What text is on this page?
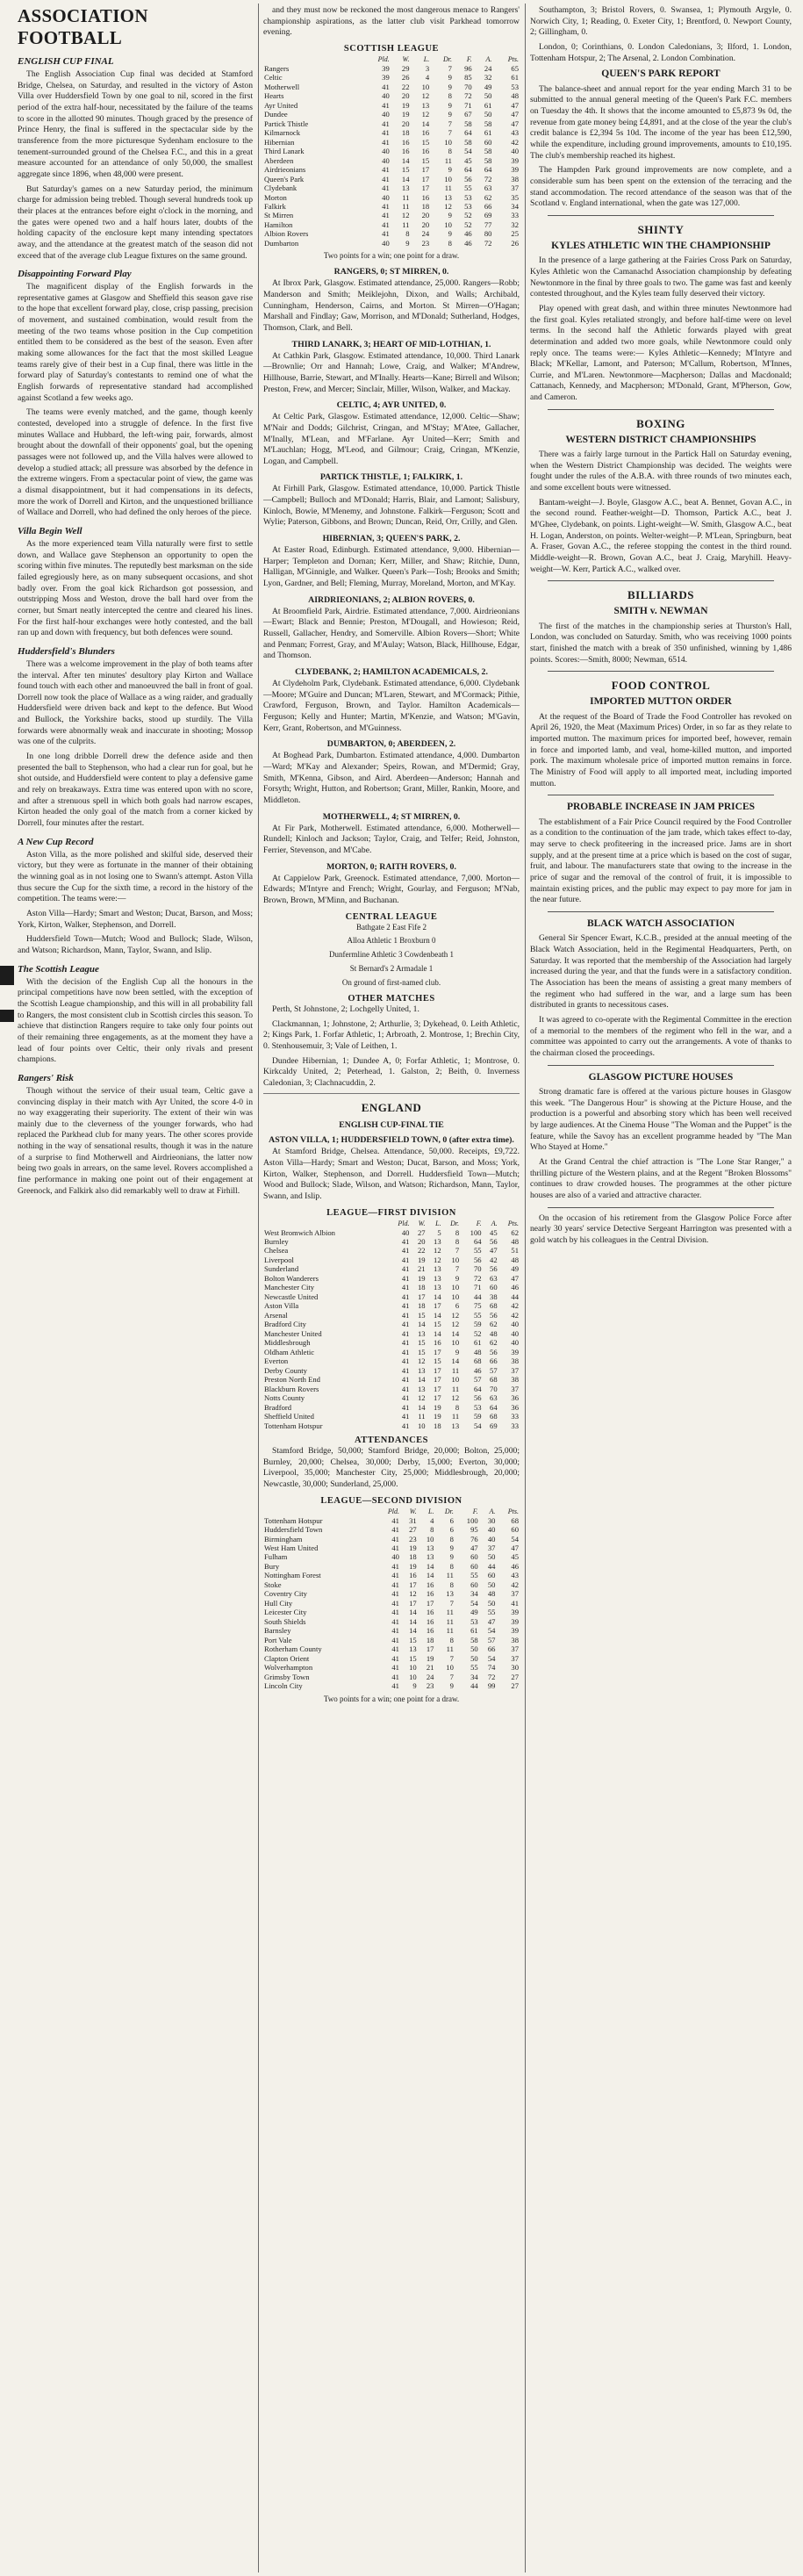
ASSOCIATION FOOTBALL
ENGLISH CUP FINAL

The English Association Cup final was decided at Stamford Bridge, Chelsea, on Saturday, and resulted in the victory of Aston Villa over Huddersfield Town by one goal to nil, scored in the first period of the extra half-hour, necessitated by the failure of the teams to score in the allotted 90 minutes. Though graced by the presence of Prince Henry, the final is suffered in the spectacular side by the transference from the more picturesque Sydenham enclosure to the tenement-surrounded ground of the Chelsea F.C., and this in a great measure accounted for an attendance of only 50,000, the smallest aggregate since 1896, when 48,000 were present.

But Saturday's games on a new Saturday period, the minimum charge for admission being trebled. Though several hundreds took up their places at the entrances before eight o'clock in the morning, and the gates were opened two and a half hours later, doubts of the holding capacity of the enclosure kept many intending spectators away, and the attendance at the greatest match of the season did not exceed that of the average club League fixtures on the same ground.

Disappointing Forward Play

The magnificent display of the English forwards in the representative games at Glasgow and Sheffield this season gave rise to the hope that excellent forward play, close, crisp passing, precision of movement, and sustained combination, would result from the meeting of the two teams whose position in the Cup competition entitled them to be considered as the best of the season. Even after making some allowances for the fact that the most skilled League teams rarely give of their best in a Cup final, there was little in the forward play of Saturday's contestants to remind one of what the English forwards of representative standard had accomplished against Scotland a few weeks ago.

The teams were evenly matched, and the game, though keenly contested, developed into a struggle of defence. In the first five minutes Wallace and Hubbard, the left-wing pair, forwards, almost brought about the downfall of their opponents' goal, but the opening passages were not followed up, and the Villa halves were allowed to develop a studied attack; all pressure was absorbed by the defence in the extreme wingers. From a spectacular point of view, the game was a dismal disappointment, but it had compensations in its defects, more the work of Dorrell and Kirton, and the unquestioned brilliance of Wallace and Dorrell, who had defined the only heroes of the piece.

Villa Begin Well

As the more experienced team Villa naturally were first to settle down, and Wallace gave Stephenson an opportunity to open the scoring within five minutes. The reputedly best marksman on the side failed egregiously here, as on many subsequent occasions, and shot badly over. From the goal kick Richardson got possession, and outstripping Moss and Weston, drove the ball hard over from the corner, but Smart neatly intercepted the centre and cleared his lines. For the first half-hour exchanges were hotly contested, and the ball ran up and down with frequency, but both defences were sound.

Huddersfield's Blunders

There was a welcome improvement in the play of both teams after the interval. After ten minutes' desultory play Kirton and Wallace found touch with each other and manoeuvred the ball in front of goal. Dorrell now took the place of Wallace as a wing raider, and gradually Huddersfield were driven back and kept to the defence. But Wood and Bullock, the Yorkshire backs, stood up sturdily. The Villa forwards were abnormally weak and inaccurate in shooting; Mossop was one of the culprits.

In one long dribble Dorrell drew the defence aside and then presented the ball to Stephenson, who had a clear run for goal, but he shot outside, and Huddersfield were content to play a defensive game and rely on breakaways. Extra time was entered upon with no score, and after a strenuous spell in which both goals had narrow escapes, Kirton headed the only goal of the match from a corner kicked by Dorrell, four minutes after the restart.

A New Cup Record

Aston Villa, as the more polished and skilful side, deserved their victory, but they were as fortunate in the manner of their obtaining the winning goal as in not losing one to Swann's attempt. Aston Villa thus secure the Cup for the sixth time, a record in the history of the competition. The teams were:—

Aston Villa—Hardy; Smart and Weston; Ducat, Barson, and Moss; York, Kirton, Walker, Stephenson, and Dorrell.

Huddersfield Town—Mutch; Wood and Bullock; Slade, Wilson, and Watson; Richardson, Mann, Taylor, Swann, and Islip.

The Scottish League

With the decision of the English Cup all the honours in the principal competitions have now been settled, with the exception of the Scottish League championship, and this will in all probability fall to Rangers, the most consistent club in Scottish circles this season. To achieve that distinction Rangers require to take only four points out of their remaining three engagements, as at the moment they have a lead of four points over Celtic, their only rivals and present champions.

Rangers' Risk

Though without the service of their usual team, Celtic gave a convincing display in their match with Ayr United, the score 4-0 in no way exaggerating their superiority. The extent of their win was mainly due to the cleverness of the younger forwards, who had replaced the Parkhead club for many years. The other scores provide nothing in the way of sensational results, though it was in the nature of a surprise to find Motherwell and Airdrieonians, the latter now being two goals in arrears, on the same level. Rovers accomplished a fine performance in making one point out of their engagement at Greenock, and Falkirk also did remarkably well to draw at Firhill.

and they must now be reckoned the most dangerous menace to Rangers' championship aspirations, as the latter club visit Parkhead tomorrow evening.

SCOTTISH LEAGUE
	Pld.	W.	L.	Dr.	F.	A.	Pts.
Rangers	39	29	3	7	96	24	65
Celtic	39	26	4	9	85	32	61
Motherwell	41	22	10	9	70	49	53
Hearts	40	20	12	8	72	50	48
Ayr United	41	19	13	9	71	61	47
Dundee	40	19	12	9	67	50	47
Partick Thistle	41	20	14	7	58	58	47
Kilmarnock	41	18	16	7	64	61	43
Hibernian	41	16	15	10	58	60	42
Third Lanark	40	16	16	8	54	58	40
Aberdeen	40	14	15	11	45	58	39
Airdrieonians	41	15	17	9	64	64	39
Queen's Park	41	14	17	10	56	72	38
Clydebank	41	13	17	11	55	63	37
Morton	40	11	16	13	53	62	35
Falkirk	41	11	18	12	53	66	34
St Mirren	41	12	20	9	52	69	33
Hamilton	41	11	20	10	52	77	32
Albion Rovers	41	8	24	9	46	80	25
Dumbarton	40	9	23	8	46	72	26

Two points for a win; one point for a draw.

RANGERS, 0; ST MIRREN, 0.

At Ibrox Park, Glasgow. Estimated attendance, 25,000. Rangers—Robb; Manderson and Smith; Meiklejohn, Dixon, and Walls; Archibald, Cunningham, Henderson, Cairns, and Morton. St Mirren—O'Hagan; Marshall and Findlay; Gaw, Morrison, and M'Donald; Sutherland, Hodges, Thomson, Clark, and Bell.

THIRD LANARK, 3; HEART OF MID-LOTHIAN, 1.

At Cathkin Park, Glasgow. Estimated attendance, 10,000. Third Lanark—Brownlie; Orr and Hannah; Lowe, Craig, and Walker; M'Andrew, Hillhouse, Barrie, Stewart, and M'Inally. Hearts—Kane; Birrell and Wilson; Preston, Frew, and Mercer; Sinclair, Miller, Wilson, Walker, and Mackay.

CELTIC, 4; AYR UNITED, 0.

At Celtic Park, Glasgow. Estimated attendance, 12,000. Celtic—Shaw; M'Nair and Dodds; Gilchrist, Cringan, and M'Stay; M'Atee, Gallacher, M'Inally, M'Lean, and M'Farlane. Ayr United—Kerr; Smith and M'Lauchlan; Hogg, M'Leod, and Gilmour; Craig, Cringan, M'Kenzie, Logan, and Campbell.

PARTICK THISTLE, 1; FALKIRK, 1.

At Firhill Park, Glasgow. Estimated attendance, 10,000. Partick Thistle—Campbell; Bulloch and M'Donald; Harris, Blair, and Lamont; Salisbury, Kinloch, Bowie, M'Menemy, and Johnstone. Falkirk—Ferguson; Scott and Wylie; Paterson, Gibbons, and Brown; Duncan, Reid, Orr, Crilly, and Glen.

HIBERNIAN, 3; QUEEN'S PARK, 2.

At Easter Road, Edinburgh. Estimated attendance, 9,000. Hibernian—Harper; Templeton and Dornan; Kerr, Miller, and Shaw; Ritchie, Dunn, Halligan, M'Ginnigle, and Walker. Queen's Park—Tosh; Brooks and Smith; Lyon, Gardner, and Bell; Fleming, Murray, Moreland, Morton, and M'Kay.

AIRDRIEONIANS, 2; ALBION ROVERS, 0.

At Broomfield Park, Airdrie. Estimated attendance, 7,000. Airdrieonians—Ewart; Black and Bennie; Preston, M'Dougall, and Howieson; Reid, Russell, Gallacher, Hendry, and Somerville. Albion Rovers—Short; White and Penman; Forrest, Gray, and M'Aulay; Watson, Black, Hillhouse, Edgar, and Thomson.

CLYDEBANK, 2; HAMILTON ACADEMICALS, 2.

At Clydeholm Park, Clydebank. Estimated attendance, 6,000. Clydebank—Moore; M'Guire and Duncan; M'Laren, Stewart, and M'Cormack; Pithie, Crawford, Ferguson, Brown, and Taylor. Hamilton Academicals—Ferguson; Kelly and Hunter; Martin, M'Kenzie, and Watson; M'Gavin, Kerr, Grant, Robertson, and M'Guinness.

DUMBARTON, 0; ABERDEEN, 2.

At Boghead Park, Dumbarton. Estimated attendance, 4,000. Dumbarton—Ward; M'Kay and Alexander; Speirs, Rowan, and M'Dermid; Gray, Smith, M'Kenna, Gibson, and Aird. Aberdeen—Anderson; Hannah and Forsyth; Wright, Hutton, and Robertson; Grant, Miller, Rankin, Moore, and Middleton.

MOTHERWELL, 4; ST MIRREN, 0.

At Fir Park, Motherwell. Estimated attendance, 6,000. Motherwell—Rundell; Kinloch and Jackson; Taylor, Craig, and Telfer; Reid, Johnston, Ferrier, Stevenson, and M'Cabe.

MORTON, 0; RAITH ROVERS, 0.

At Cappielow Park, Greenock. Estimated attendance, 7,000. Morton—Edwards; M'Intyre and French; Wright, Gourlay, and Ferguson; M'Nab, Brown, Brown, M'Minn, and Buchanan.

CENTRAL LEAGUE

Bathgate 2 East Fife 2

Alloa Athletic 1 Broxburn 0

Dunfermline Athletic 3 Cowdenbeath 1

St Bernard's 2 Armadale 1

On ground of first-named club.

OTHER MATCHES

Perth, St Johnstone, 2; Lochgelly United, 1.

Clackmannan, 1; Johnstone, 2; Arthurlie, 3; Dykehead, 0. Leith Athletic, 2; Kings Park, 1. Forfar Athletic, 1; Arbroath, 2. Montrose, 1; Brechin City, 0. Stenhousemuir, 3; Vale of Leithen, 1.

Dundee Hibernian, 1; Dundee A, 0; Forfar Athletic, 1; Montrose, 0. Kirkcaldy United, 2; Peterhead, 1. Galston, 2; Beith, 0. Inverness Caledonian, 3; Clachnacuddin, 2.

ENGLAND
ENGLISH CUP-FINAL TIE
ASTON VILLA, 1; HUDDERSFIELD TOWN, 0 (after extra time).

At Stamford Bridge, Chelsea. Attendance, 50,000. Receipts, £9,722. Aston Villa—Hardy; Smart and Weston; Ducat, Barson, and Moss; York, Kirton, Walker, Stephenson, and Dorrell. Huddersfield Town—Mutch; Wood and Bullock; Slade, Wilson, and Watson; Richardson, Mann, Taylor, Swann, and Islip.

LEAGUE—FIRST DIVISION
	Pld.	W.	L.	Dr.	F.	A.	Pts.
West Bromwich Albion	40	27	5	8	100	45	62
Burnley	41	20	13	8	64	56	48
Chelsea	41	22	12	7	55	47	51
Liverpool	41	19	12	10	56	42	48
Sunderland	41	21	13	7	70	56	49
Bolton Wanderers	41	19	13	9	72	63	47
Manchester City	41	18	13	10	71	60	46
Newcastle United	41	17	14	10	44	38	44
Aston Villa	41	18	17	6	75	68	42
Arsenal	41	15	14	12	55	56	42
Bradford City	41	14	15	12	59	62	40
Manchester United	41	13	14	14	52	48	40
Middlesbrough	41	15	16	10	61	62	40
Oldham Athletic	41	15	17	9	48	56	39
Everton	41	12	15	14	68	66	38
Derby County	41	13	17	11	46	57	37
Preston North End	41	14	17	10	57	68	38
Blackburn Rovers	41	13	17	11	64	70	37
Notts County	41	12	17	12	56	63	36
Bradford	41	14	19	8	53	64	36
Sheffield United	41	11	19	11	59	68	33
Tottenham Hotspur	41	10	18	13	54	69	33
ATTENDANCES

Stamford Bridge, 50,000; Stamford Bridge, 20,000; Bolton, 25,000; Burnley, 20,000; Chelsea, 30,000; Derby, 15,000; Everton, 30,000; Liverpool, 35,000; Manchester City, 25,000; Middlesbrough, 20,000; Newcastle, 30,000; Sunderland, 25,000.

LEAGUE—SECOND DIVISION
	Pld.	W.	L.	Dr.	F.	A.	Pts.
Tottenham Hotspur	41	31	4	6	100	30	68
Huddersfield Town	41	27	8	6	95	40	60
Birmingham	41	23	10	8	76	40	54
West Ham United	41	19	13	9	47	37	47
Fulham	40	18	13	9	60	50	45
Bury	41	19	14	8	60	44	46
Nottingham Forest	41	16	14	11	55	60	43
Stoke	41	17	16	8	60	50	42
Coventry City	41	12	16	13	34	48	37
Hull City	41	17	17	7	54	50	41
Leicester City	41	14	16	11	49	55	39
South Shields	41	14	16	11	53	47	39
Barnsley	41	14	16	11	61	54	39
Port Vale	41	15	18	8	58	57	38
Rotherham County	41	13	17	11	50	66	37
Clapton Orient	41	15	19	7	50	54	37
Wolverhampton	41	10	21	10	55	74	30
Grimsby Town	41	10	24	7	34	72	27
Lincoln City	41	9	23	9	44	99	27

Two points for a win; one point for a draw.

Southampton, 3; Bristol Rovers, 0. Swansea, 1; Plymouth Argyle, 0. Norwich City, 1; Reading, 0. Exeter City, 1; Brentford, 0. Newport County, 2; Gillingham, 0.

London, 0; Corinthians, 0. London Caledonians, 3; Ilford, 1. London, Tottenham Hotspur, 2; The Arsenal, 2. London Combination.

QUEEN'S PARK REPORT

The balance-sheet and annual report for the year ending March 31 to be submitted to the annual general meeting of the Queen's Park F.C. members on Tuesday the 4th. It shows that the income amounted to £5,873 9s 0d, the revenue from gate money being £4,891, and at the close of the year the club's credit balance is £2,394 5s 10d. The income of the year has been £12,590, while the expenditure, including ground improvements, amounts to £10,195. The club's membership reached its highest.

The Hampden Park ground improvements are now complete, and a considerable sum has been spent on the extension of the terracing and the stand accommodation. The record attendance of the season was that of the Scotland v. England international, when the gate was 127,000.

SHINTY
KYLES ATHLETIC WIN THE CHAMPIONSHIP

In the presence of a large gathering at the Fairies Cross Park on Saturday, Kyles Athletic won the Camanachd Association championship by defeating Newtonmore in the final by three goals to two. The game was fast and keenly contested throughout, and the Kyles team fully deserved their victory.

Play opened with great dash, and within three minutes Newtonmore had the first goal. Kyles retaliated strongly, and before half-time were on level terms. In the second half the Athletic forwards played with great determination and added two more goals, while Newtonmore could only reply once. The teams were:— Kyles Athletic—Kennedy; M'Intyre and Black; M'Kellar, Lamont, and Paterson; M'Callum, Robertson, M'Innes, Currie, and M'Laren. Newtonmore—Macpherson; Dallas and Macdonald; Cattanach, Kennedy, and Macpherson; M'Donald, Grant, M'Pherson, Gow, and Cameron.

BOXING
WESTERN DISTRICT CHAMPIONSHIPS

There was a fairly large turnout in the Partick Hall on Saturday evening, when the Western District Championship was decided. The weights were fought under the rules of the A.B.A. with three rounds of two minutes each, and some excellent bouts were witnessed.

Bantam-weight—J. Boyle, Glasgow A.C., beat A. Bennet, Govan A.C., in the second round. Feather-weight—D. Thomson, Partick A.C., beat J. M'Ghee, Clydebank, on points. Light-weight—W. Smith, Glasgow A.C., beat H. Logan, Anderston, on points. Welter-weight—P. M'Lean, Springburn, beat A. Fraser, Govan A.C., the referee stopping the contest in the third round. Middle-weight—R. Brown, Govan A.C., beat J. Craig, Maryhill. Heavy-weight—W. Kerr, Partick A.C., walked over.

BILLIARDS
SMITH v. NEWMAN

The first of the matches in the championship series at Thurston's Hall, London, was concluded on Saturday. Smith, who was receiving 1000 points start, finished the match with a break of 350 unfinished, winning by 1,486 points. Scores:—Smith, 8000; Newman, 6514.

FOOD CONTROL
IMPORTED MUTTON ORDER

At the request of the Board of Trade the Food Controller has revoked on April 26, 1920, the Meat (Maximum Prices) Order, in so far as they relate to imported mutton. The maximum prices for imported beef, however, remain in force and imported lamb, and veal, home-killed mutton, and imported pork. The maximum wholesale price of imported mutton remains in force. The Ministry of Food will apply to all imported meat, including imported mutton.

PROBABLE INCREASE IN JAM PRICES

The establishment of a Fair Price Council required by the Food Controller as a condition to the continuation of the jam trade, which takes effect to-day, may serve to check profiteering in the increased price. Jams are in short supply, and at the present time at a price which is based on the cost of sugar, fruit, and labour. The manufacturers state that owing to the increase in the price of sugar and the removal of the control of fruit, it is impossible to maintain existing prices, and the public may expect to pay more for jam in the near future.

BLACK WATCH ASSOCIATION

General Sir Spencer Ewart, K.C.B., presided at the annual meeting of the Black Watch Association, held in the Regimental Headquarters, Perth, on Saturday. It was reported that the membership of the Association had largely increased during the year, and that the funds were in a satisfactory condition. The Association has been the means of assisting a great many members of the regiment who had suffered in the war, and a large sum has been distributed in grants to necessitous cases.

It was agreed to co-operate with the Regimental Committee in the erection of a memorial to the members of the regiment who fell in the war, and a committee was appointed to carry out the arrangements. A vote of thanks to the chairman closed the proceedings.

GLASGOW PICTURE HOUSES

Strong dramatic fare is offered at the various picture houses in Glasgow this week. "The Dangerous Hour" is showing at the Picture House, and the production is a powerful and absorbing story which has been well received by large audiences. At the Cinema House "The Woman and the Puppet" is the feature, while the Savoy has an excellent programme headed by "The Man Who Stayed at Home."

At the Grand Central the chief attraction is "The Lone Star Ranger," a thrilling picture of the Western plains, and at the Regent "Broken Blossoms" continues to draw crowded houses. The programmes at the other picture houses are also of a varied and attractive character.

On the occasion of his retirement from the Glasgow Police Force after nearly 30 years' service Detective Sergeant Harrington was presented with a gold watch by his colleagues in the Central Division.
